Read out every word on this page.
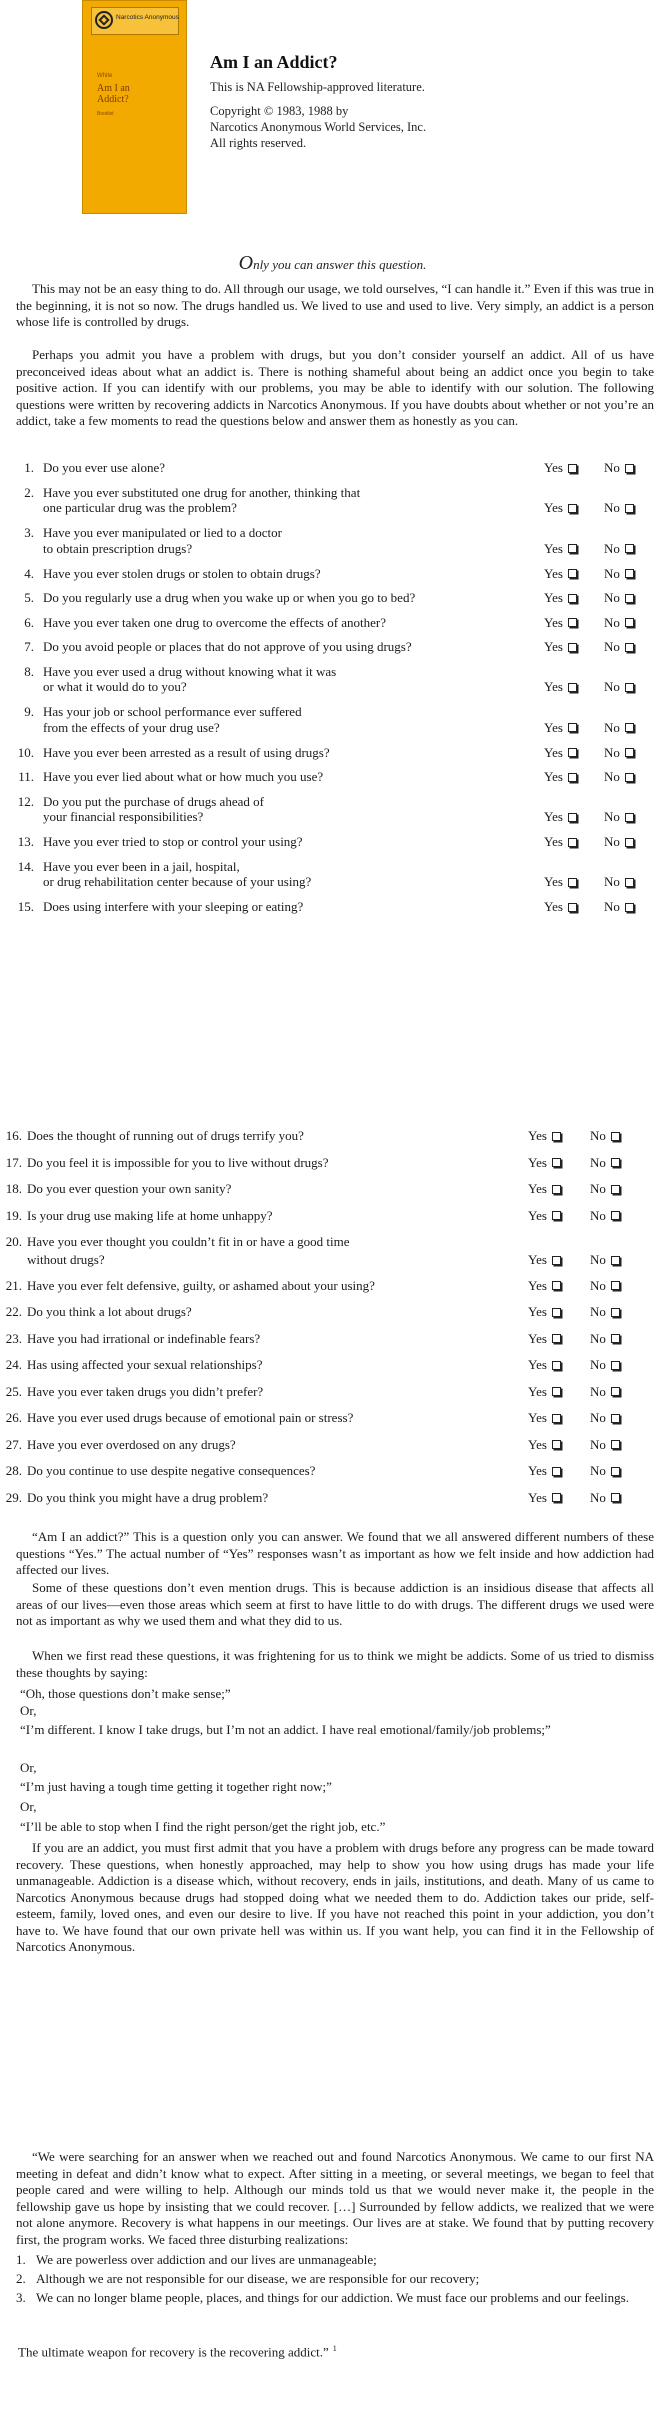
Narcotics Anonymous
White
Am I an Addict?
Booklet
Am I an Addict?
This is NA Fellowship-approved literature.
Copyright © 1983, 1988 by
Narcotics Anonymous World Services, Inc.
All rights reserved.
Only you can answer this question.
This may not be an easy thing to do. All through our usage, we told ourselves, “I can handle it.” Even if this was true in the beginning, it is not so now. The drugs handled us. We lived to use and used to live. Very simply, an addict is a person whose life is controlled by drugs.
Perhaps you admit you have a problem with drugs, but you don’t consider yourself an addict. All of us have preconceived ideas about what an addict is. There is nothing shameful about being an addict once you begin to take positive action. If you can identify with our problems, you may be able to identify with our solution. The following questions were written by recovering addicts in Narcotics Anonymous. If you have doubts about whether or not you’re an addict, take a few moments to read the questions below and answer them as honestly as you can.
1. Do you ever use alone?	Yes	No
2. Have you ever substituted one drug for another, thinking that
one particular drug was the problem?	Yes	No
3. Have you ever manipulated or lied to a doctor
to obtain prescription drugs?	Yes	No
4. Have you ever stolen drugs or stolen to obtain drugs?	Yes	No
5. Do you regularly use a drug when you wake up or when you go to bed?	Yes	No
6. Have you ever taken one drug to overcome the effects of another?	Yes	No
7. Do you avoid people or places that do not approve of you using drugs?	Yes	No
8. Have you ever used a drug without knowing what it was
or what it would do to you?	Yes	No
9. Has your job or school performance ever suffered
from the effects of your drug use?	Yes	No
10. Have you ever been arrested as a result of using drugs?	Yes	No
11. Have you ever lied about what or how much you use?	Yes	No
12. Do you put the purchase of drugs ahead of
your financial responsibilities?	Yes	No
13. Have you ever tried to stop or control your using?	Yes	No
14. Have you ever been in a jail, hospital,
or drug rehabilitation center because of your using?	Yes	No
15. Does using interfere with your sleeping or eating?	Yes	No
16. Does the thought of running out of drugs terrify you?	Yes	No
17. Do you feel it is impossible for you to live without drugs?	Yes	No
18. Do you ever question your own sanity?	Yes	No
19. Is your drug use making life at home unhappy?	Yes	No
20. Have you ever thought you couldn’t fit in or have a good time
without drugs?	Yes	No
21. Have you ever felt defensive, guilty, or ashamed about your using?	Yes	No
22. Do you think a lot about drugs?	Yes	No
23. Have you had irrational or indefinable fears?	Yes	No
24. Has using affected your sexual relationships?	Yes	No
25. Have you ever taken drugs you didn’t prefer?	Yes	No
26. Have you ever used drugs because of emotional pain or stress?	Yes	No
27. Have you ever overdosed on any drugs?	Yes	No
28. Do you continue to use despite negative consequences?	Yes	No
29. Do you think you might have a drug problem?	Yes	No
“Am I an addict?” This is a question only you can answer. We found that we all answered different numbers of these questions “Yes.” The actual number of “Yes” responses wasn’t as important as how we felt inside and how addiction had affected our lives.
Some of these questions don’t even mention drugs. This is because addiction is an insidious disease that affects all areas of our lives—even those areas which seem at first to have little to do with drugs. The different drugs we used were not as important as why we used them and what they did to us.
When we first read these questions, it was frightening for us to think we might be addicts. Some of us tried to dismiss these thoughts by saying:
“Oh, those questions don’t make sense;”
Or,
“I’m different. I know I take drugs, but I’m not an addict. I have real emotional/family/job problems;”
Or,
“I’m just having a tough time getting it together right now;”
Or,
“I’ll be able to stop when I find the right person/get the right job, etc.”
If you are an addict, you must first admit that you have a problem with drugs before any progress can be made toward recovery. These questions, when honestly approached, may help to show you how using drugs has made your life unmanageable. Addiction is a disease which, without recovery, ends in jails, institutions, and death. Many of us came to Narcotics Anonymous because drugs had stopped doing what we needed them to do. Addiction takes our pride, self-esteem, family, loved ones, and even our desire to live. If you have not reached this point in your addiction, you don’t have to. We have found that our own private hell was within us. If you want help, you can find it in the Fellowship of Narcotics Anonymous.
“We were searching for an answer when we reached out and found Narcotics Anonymous. We came to our first NA meeting in defeat and didn’t know what to expect. After sitting in a meeting, or several meetings, we began to feel that people cared and were willing to help. Although our minds told us that we would never make it, the people in the fellowship gave us hope by insisting that we could recover. […] Surrounded by fellow addicts, we realized that we were not alone anymore. Recovery is what happens in our meetings. Our lives are at stake. We found that by putting recovery first, the program works. We faced three disturbing realizations:
1. We are powerless over addiction and our lives are unmanageable;
2. Although we are not responsible for our disease, we are responsible for our recovery;
3. We can no longer blame people, places, and things for our addiction. We must face our problems and our feelings.
The ultimate weapon for recovery is the recovering addict.” $^1$
